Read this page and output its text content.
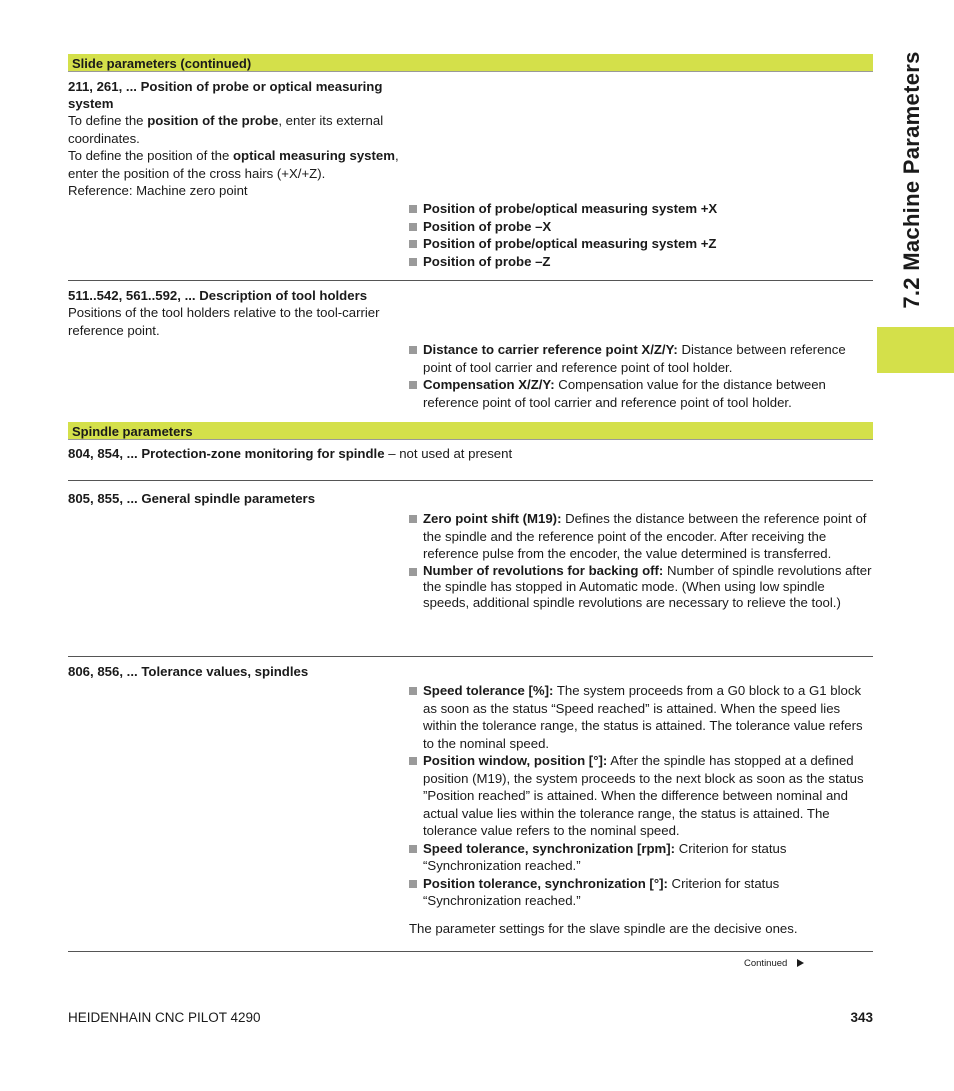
7.2 Machine Parameters
Slide parameters (continued)
211, 261, ... Position of probe or optical measuring system
To define the position of the probe, enter its external coordinates.
To define the position of the optical measuring system, enter the position of the cross hairs (+X/+Z).
Reference: Machine zero point
Position of probe/optical measuring system +X
Position of probe –X
Position of probe/optical measuring system +Z
Position of probe –Z
511..542, 561..592, ... Description of tool holders
Positions of the tool holders relative to the tool-carrier reference point.
Distance to carrier reference point X/Z/Y: Distance between reference point of tool carrier and reference point of tool holder.
Compensation X/Z/Y: Compensation value for the distance between reference point of tool carrier and reference point of tool holder.
Spindle parameters
804, 854, ... Protection-zone monitoring for spindle – not used at present
805, 855, ... General spindle parameters
Zero point shift (M19): Defines the distance between the reference point of the spindle and the reference point of the encoder. After receiving the reference pulse from the encoder, the value determined is transferred.
Number of revolutions for backing off: Number of spindle revolutions after the spindle has stopped in Automatic mode. (When using low spindle speeds, additional spindle revolutions are necessary to relieve the tool.)
806, 856, ... Tolerance values, spindles
Speed tolerance [%]: The system proceeds from a G0 block to a G1 block as soon as the status “Speed reached” is attained. When the speed lies within the tolerance range, the status is attained. The tolerance value refers to the nominal speed.
Position window, position [°]: After the spindle has stopped at a defined position (M19), the system proceeds to the next block as soon as the status ”Position reached” is attained. When the difference between nominal and actual value lies within the tolerance range, the status is attained. The tolerance value refers to the nominal speed.
Speed tolerance, synchronization [rpm]: Criterion for status “Synchronization reached.”
Position tolerance, synchronization [°]: Criterion for status “Synchronization reached.”
The parameter settings for the slave spindle are the decisive ones.
Continued
HEIDENHAIN CNC PILOT 4290	343
